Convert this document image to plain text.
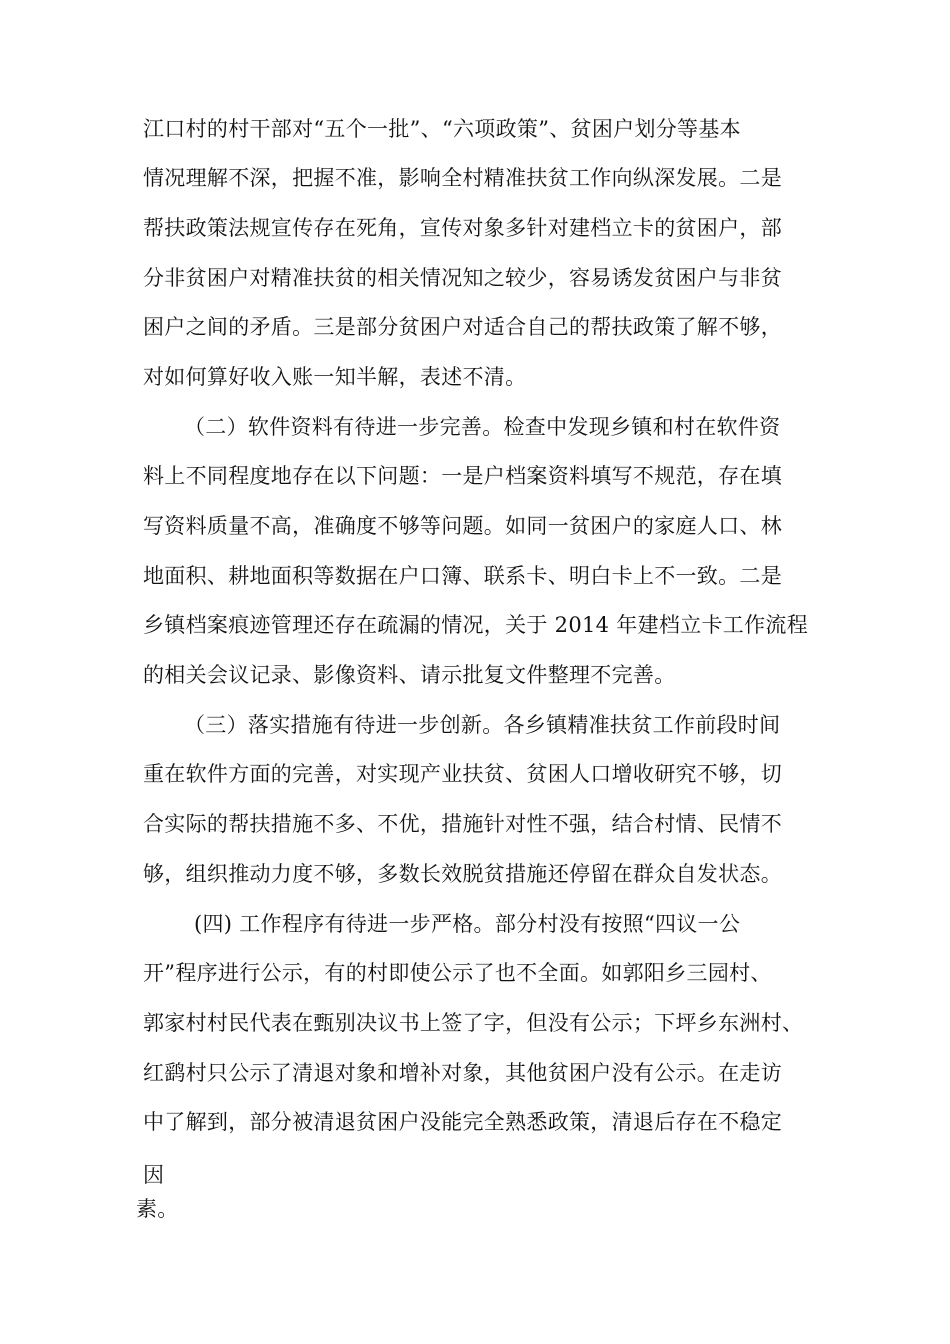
江口村的村干部对“五个一批”、“六项政策”、贫困户划分等基本
情况理解不深，把握不准，影响全村精准扶贫工作向纵深发展。二是
帮扶政策法规宣传存在死角，宣传对象多针对建档立卡的贫困户，部
分非贫困户对精准扶贫的相关情况知之较少，容易诱发贫困户与非贫
困户之间的矛盾。三是部分贫困户对适合自己的帮扶政策了解不够，
对如何算好收入账一知半解，表述不清。
（二）软件资料有待进一步完善。检查中发现乡镇和村在软件资
料上不同程度地存在以下问题：一是户档案资料填写不规范，存在填
写资料质量不高，准确度不够等问题。如同一贫困户的家庭人口、林
地面积、耕地面积等数据在户口簿、联系卡、明白卡上不一致。二是
乡镇档案痕迹管理还存在疏漏的情况，关于 2014 年建档立卡工作流程
的相关会议记录、影像资料、请示批复文件整理不完善。
（三）落实措施有待进一步创新。各乡镇精准扶贫工作前段时间
重在软件方面的完善，对实现产业扶贫、贫困人口增收研究不够，切
合实际的帮扶措施不多、不优，措施针对性不强，结合村情、民情不
够，组织推动力度不够，多数长效脱贫措施还停留在群众自发状态。
(四) 工作程序有待进一步严格。部分村没有按照“四议一公
开”程序进行公示，有的村即使公示了也不全面。如郭阳乡三园村、
郭家村村民代表在甄别决议书上签了字，但没有公示；下坪乡东洲村、
红鹞村只公示了清退对象和增补对象，其他贫困户没有公示。在走访
中了解到，部分被清退贫困户没能完全熟悉政策，清退后存在不稳定
因
素。
